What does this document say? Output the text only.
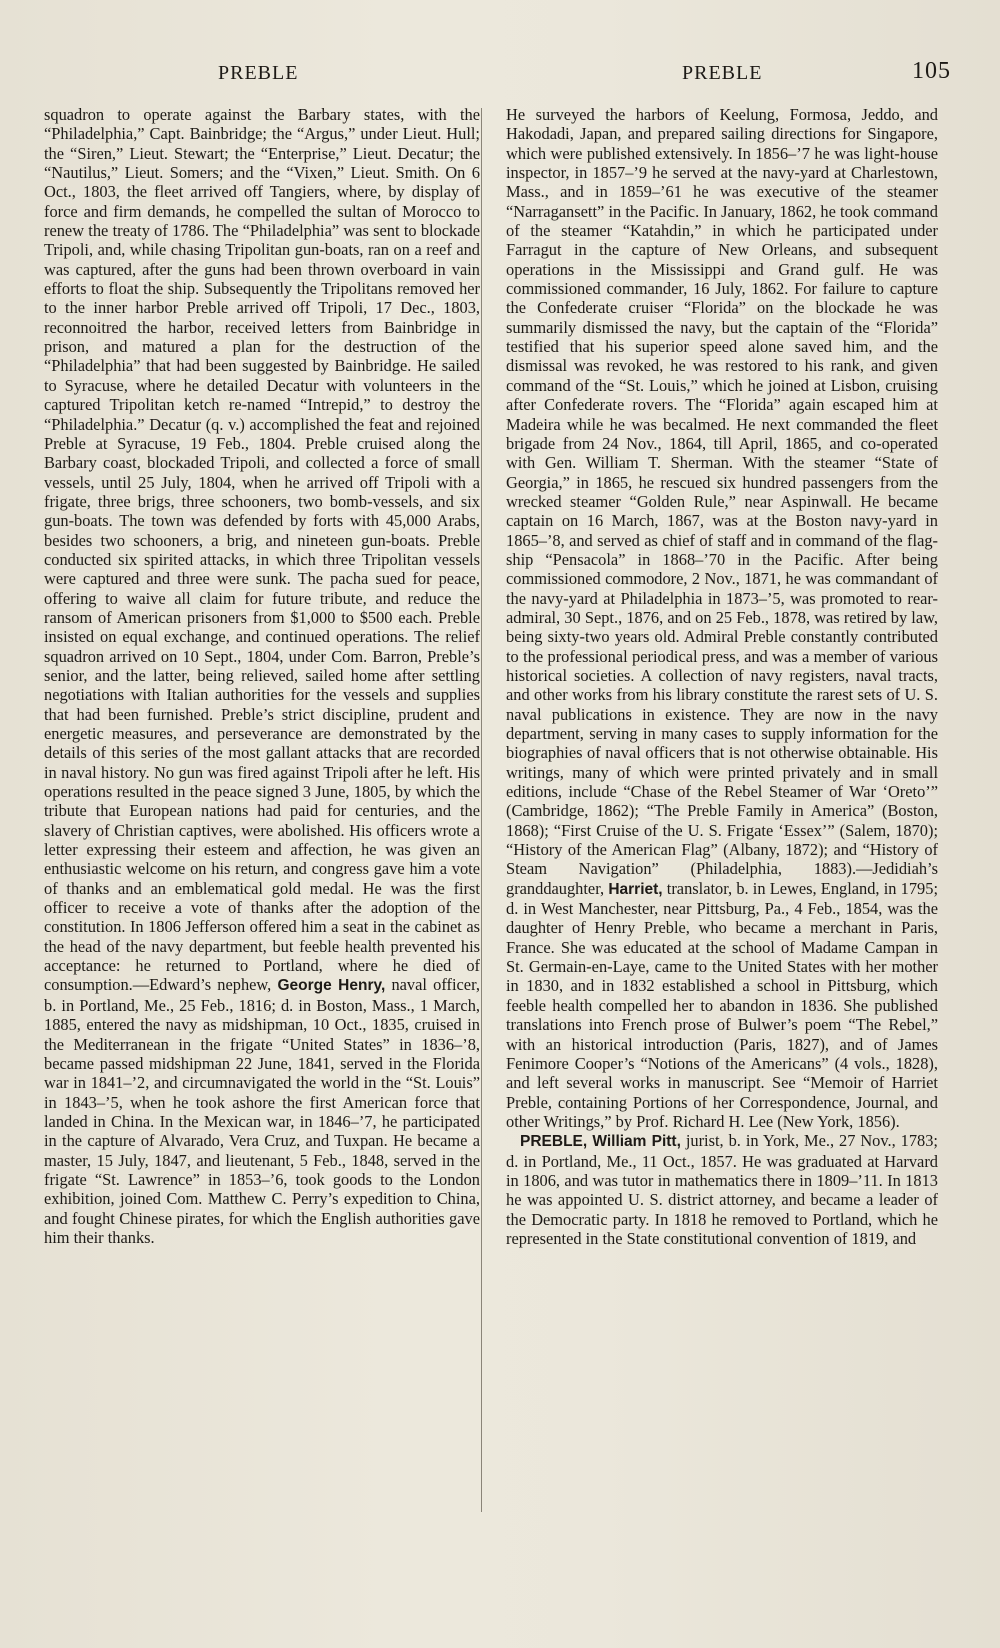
PREBLE	PREBLE	105

squadron to operate against the Barbary states, with the “Philadelphia,” Capt. Bainbridge; the “Argus,” under Lieut. Hull; the “Siren,” Lieut. Stewart; the “Enterprise,” Lieut. Decatur; the “Nautilus,” Lieut. Somers; and the “Vixen,” Lieut. Smith. On 6 Oct., 1803, the fleet arrived off Tangiers, where, by display of force and firm demands, he compelled the sultan of Morocco to renew the treaty of 1786. The “Philadelphia” was sent to blockade Tripoli, and, while chasing Tripolitan gun-boats, ran on a reef and was captured, after the guns had been thrown overboard in vain efforts to float the ship. Subsequently the Tripolitans removed her to the inner harbor Preble arrived off Tripoli, 17 Dec., 1803, reconnoitred the harbor, received letters from Bainbridge in prison, and matured a plan for the destruction of the “Philadelphia” that had been suggested by Bainbridge. He sailed to Syracuse, where he detailed Decatur with volunteers in the captured Tripolitan ketch re-named “Intrepid,” to destroy the “Philadelphia.” Decatur (q. v.) accomplished the feat and rejoined Preble at Syracuse, 19 Feb., 1804. Preble cruised along the Barbary coast, blockaded Tripoli, and collected a force of small vessels, until 25 July, 1804, when he arrived off Tripoli with a frigate, three brigs, three schooners, two bomb-vessels, and six gun-boats. The town was defended by forts with 45,000 Arabs, besides two schooners, a brig, and nineteen gun-boats. Preble conducted six spirited attacks, in which three Tripolitan vessels were captured and three were sunk. The pacha sued for peace, offering to waive all claim for future tribute, and reduce the ransom of American prisoners from $1,000 to $500 each. Preble insisted on equal exchange, and continued operations. The relief squadron arrived on 10 Sept., 1804, under Com. Barron, Preble’s senior, and the latter, being relieved, sailed home after settling negotiations with Italian authorities for the vessels and supplies that had been furnished. Preble’s strict discipline, prudent and energetic measures, and perseverance are demonstrated by the details of this series of the most gallant attacks that are recorded in naval history. No gun was fired against Tripoli after he left. His operations resulted in the peace signed 3 June, 1805, by which the tribute that European nations had paid for centuries, and the slavery of Christian captives, were abolished. His officers wrote a letter expressing their esteem and affection, he was given an enthusiastic welcome on his return, and congress gave him a vote of thanks and an emblematical gold medal. He was the first officer to receive a vote of thanks after the adoption of the constitution. In 1806 Jefferson offered him a seat in the cabinet as the head of the navy department, but feeble health prevented his acceptance: he returned to Portland, where he died of consumption.—Edward’s nephew, George Henry, naval officer, b. in Portland, Me., 25 Feb., 1816; d. in Boston, Mass., 1 March, 1885, entered the navy as midshipman, 10 Oct., 1835, cruised in the Mediterranean in the frigate “United States” in 1836–’8, became passed midshipman 22 June, 1841, served in the Florida war in 1841–’2, and circumnavigated the world in the “St. Louis” in 1843–’5, when he took ashore the first American force that landed in China. In the Mexican war, in 1846–’7, he participated in the capture of Alvarado, Vera Cruz, and Tuxpan. He became a master, 15 July, 1847, and lieutenant, 5 Feb., 1848, served in the frigate “St. Lawrence” in 1853–’6, took goods to the London exhibition, joined Com. Matthew C. Perry’s expedition to China, and fought Chinese pirates, for which the English authorities gave him their thanks.

He surveyed the harbors of Keelung, Formosa, Jeddo, and Hakodadi, Japan, and prepared sailing directions for Singapore, which were published extensively. In 1856–’7 he was light-house inspector, in 1857–’9 he served at the navy-yard at Charlestown, Mass., and in 1859–’61 he was executive of the steamer “Narragansett” in the Pacific. In January, 1862, he took command of the steamer “Katahdin,” in which he participated under Farragut in the capture of New Orleans, and subsequent operations in the Mississippi and Grand gulf. He was commissioned commander, 16 July, 1862. For failure to capture the Confederate cruiser “Florida” on the blockade he was summarily dismissed the navy, but the captain of the “Florida” testified that his superior speed alone saved him, and the dismissal was revoked, he was restored to his rank, and given command of the “St. Louis,” which he joined at Lisbon, cruising after Confederate rovers. The “Florida” again escaped him at Madeira while he was becalmed. He next commanded the fleet brigade from 24 Nov., 1864, till April, 1865, and co-operated with Gen. William T. Sherman. With the steamer “State of Georgia,” in 1865, he rescued six hundred passengers from the wrecked steamer “Golden Rule,” near Aspinwall. He became captain on 16 March, 1867, was at the Boston navy-yard in 1865–’8, and served as chief of staff and in command of the flag-ship “Pensacola” in 1868–’70 in the Pacific. After being commissioned commodore, 2 Nov., 1871, he was commandant of the navy-yard at Philadelphia in 1873–’5, was promoted to rear-admiral, 30 Sept., 1876, and on 25 Feb., 1878, was retired by law, being sixty-two years old. Admiral Preble constantly contributed to the professional periodical press, and was a member of various historical societies. A collection of navy registers, naval tracts, and other works from his library constitute the rarest sets of U. S. naval publications in existence. They are now in the navy department, serving in many cases to supply information for the biographies of naval officers that is not otherwise obtainable. His writings, many of which were printed privately and in small editions, include “Chase of the Rebel Steamer of War ‘Oreto’” (Cambridge, 1862); “The Preble Family in America” (Boston, 1868); “First Cruise of the U. S. Frigate ‘Essex’” (Salem, 1870); “History of the American Flag” (Albany, 1872); and “History of Steam Navigation” (Philadelphia, 1883).—Jedidiah’s granddaughter, Harriet, translator, b. in Lewes, England, in 1795; d. in West Manchester, near Pittsburg, Pa., 4 Feb., 1854, was the daughter of Henry Preble, who became a merchant in Paris, France. She was educated at the school of Madame Campan in St. Germain-en-Laye, came to the United States with her mother in 1830, and in 1832 established a school in Pittsburg, which feeble health compelled her to abandon in 1836. She published translations into French prose of Bulwer’s poem “The Rebel,” with an historical introduction (Paris, 1827), and of James Fenimore Cooper’s “Notions of the Americans” (4 vols., 1828), and left several works in manuscript. See “Memoir of Harriet Preble, containing Portions of her Correspondence, Journal, and other Writings,” by Prof. Richard H. Lee (New York, 1856).

PREBLE, William Pitt, jurist, b. in York, Me., 27 Nov., 1783; d. in Portland, Me., 11 Oct., 1857. He was graduated at Harvard in 1806, and was tutor in mathematics there in 1809–’11. In 1813 he was appointed U. S. district attorney, and became a leader of the Democratic party. In 1818 he removed to Portland, which he represented in the State constitutional convention of 1819, and
